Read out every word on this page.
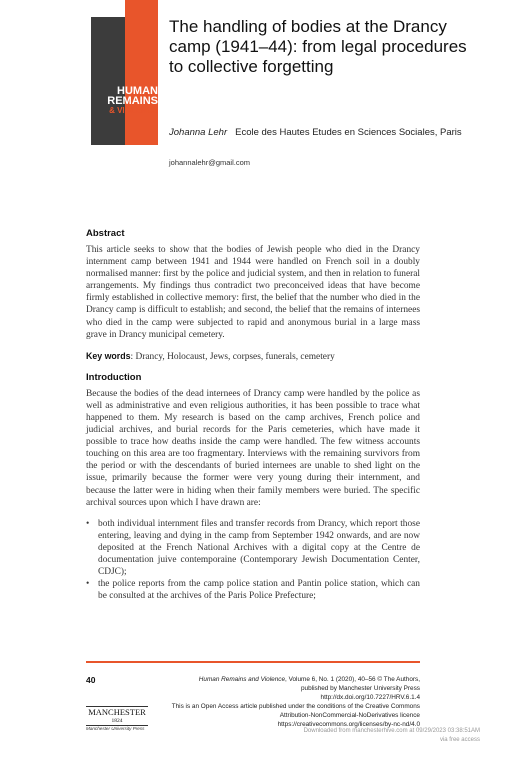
HUMAN
REMAINS
& VIOLENCE
The handling of bodies at the Drancy camp (1941–44): from legal procedures to collective forgetting
Johanna Lehr Ecole des Hautes Etudes en Sciences Sociales, Paris
johannalehr@gmail.com
Abstract

This article seeks to show that the bodies of Jewish people who died in the Drancy internment camp between 1941 and 1944 were handled on French soil in a doubly normalised manner: first by the police and judicial system, and then in relation to funeral arrangements. My findings thus contradict two preconceived ideas that have become firmly established in collective memory: first, the belief that the number who died in the Drancy camp is difficult to establish; and second, the belief that the remains of internees who died in the camp were subjected to rapid and anonymous burial in a large mass grave in Drancy municipal cemetery.

Key words: Drancy, Holocaust, Jews, corpses, funerals, cemetery
Introduction

Because the bodies of the dead internees of Drancy camp were handled by the police as well as administrative and even religious authorities, it has been possible to trace what happened to them. My research is based on the camp archives, French police and judicial archives, and burial records for the Paris cemeteries, which have made it possible to trace how deaths inside the camp were handled. The few witness accounts touching on this area are too fragmentary. Interviews with the remaining survivors from the period or with the descendants of buried internees are unable to shed light on the issue, primarily because the former were very young during their internment, and because the latter were in hiding when their family members were buried. The specific archival sources upon which I have drawn are:

• both individual internment files and transfer records from Drancy, which report those entering, leaving and dying in the camp from September 1942 onwards, and are now deposited at the French National Archives with a digital copy at the Centre de documentation juive contemporaine (Contemporary Jewish Documentation Center, CDJC);
• the police reports from the camp police station and Pantin police station, which can be consulted at the archives of the Paris Police Prefecture;
40	Human Remains and Violence, Volume 6, No. 1 (2020), 40–56 © The Authors, published by Manchester University Press
http://dx.doi.org/10.7227/HRV.6.1.4
This is an Open Access article published under the conditions of the Creative Commons
Attribution-NonCommercial-NoDerivatives licence
https://creativecommons.org/licenses/by-nc-nd/4.0
MANCHESTER
1824
Manchester University Press	Downloaded from manchesterhive.com at 09/29/2023 03:38:51AM
via free access
